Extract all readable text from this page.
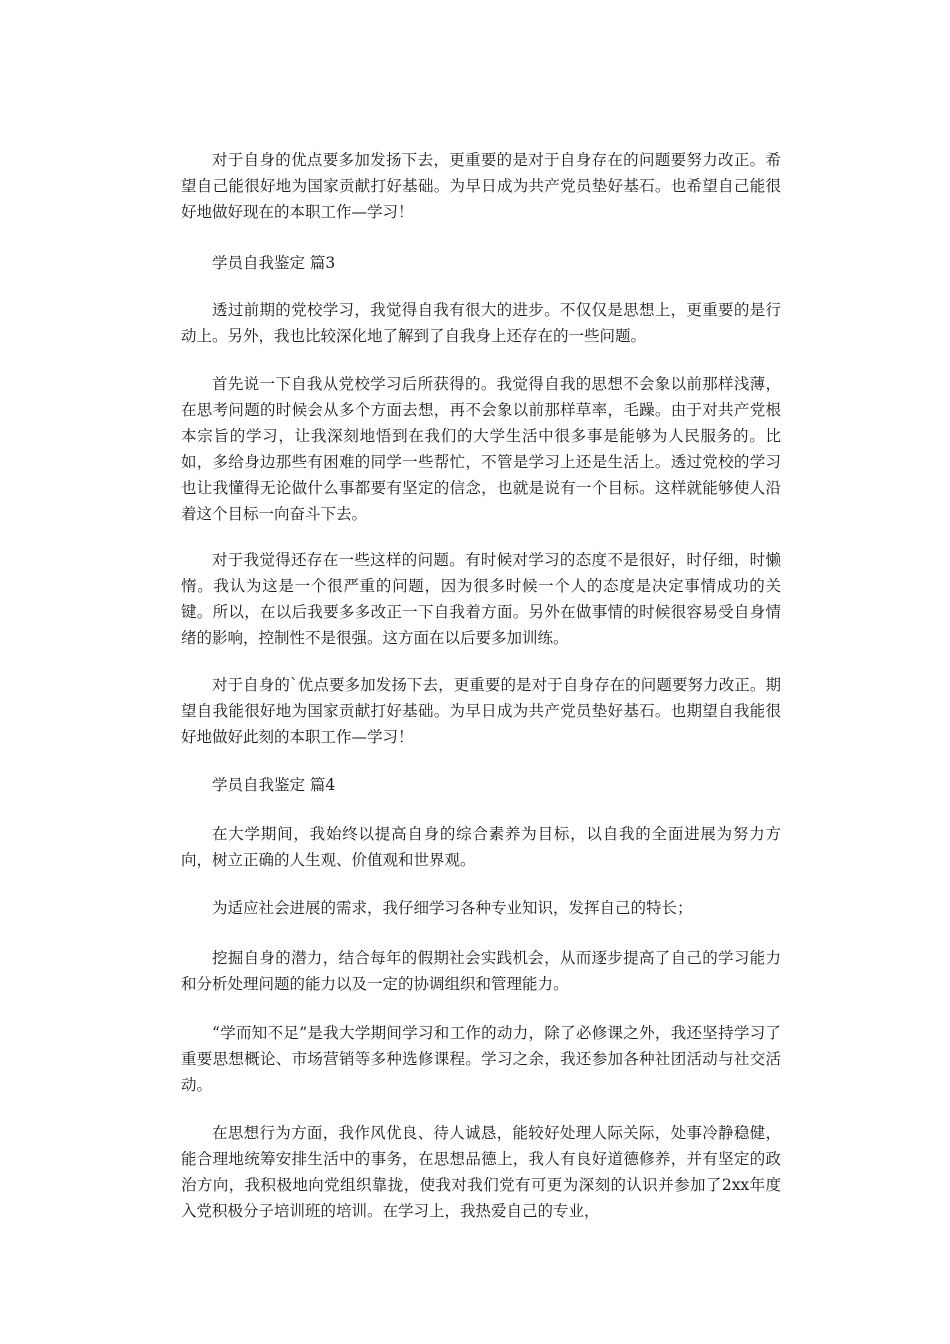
对于自身的优点要多加发扬下去，更重要的是对于自身存在的问题要努力改正。希望自己能很好地为国家贡献打好基础。为早日成为共产党员垫好基石。也希望自己能很好地做好现在的本职工作—学习！

学员自我鉴定 篇3

透过前期的党校学习，我觉得自我有很大的进步。不仅仅是思想上，更重要的是行动上。另外，我也比较深化地了解到了自我身上还存在的一些问题。

首先说一下自我从党校学习后所获得的。我觉得自我的思想不会象以前那样浅薄，在思考问题的时候会从多个方面去想，再不会象以前那样草率，毛躁。由于对共产党根本宗旨的学习，让我深刻地悟到在我们的大学生活中很多事是能够为人民服务的。比如，多给身边那些有困难的同学一些帮忙，不管是学习上还是生活上。透过党校的学习也让我懂得无论做什么事都要有坚定的信念，也就是说有一个目标。这样就能够使人沿着这个目标一向奋斗下去。

对于我觉得还存在一些这样的问题。有时候对学习的态度不是很好，时仔细，时懒惰。我认为这是一个很严重的问题，因为很多时候一个人的态度是决定事情成功的关键。所以，在以后我要多多改正一下自我着方面。另外在做事情的时候很容易受自身情绪的影响，控制性不是很强。这方面在以后要多加训练。

对于自身的`优点要多加发扬下去，更重要的是对于自身存在的问题要努力改正。期望自我能很好地为国家贡献打好基础。为早日成为共产党员垫好基石。也期望自我能很好地做好此刻的本职工作—学习！

学员自我鉴定 篇4

在大学期间，我始终以提高自身的综合素养为目标，以自我的全面进展为努力方向，树立正确的人生观、价值观和世界观。

为适应社会进展的需求，我仔细学习各种专业知识，发挥自己的特长；

挖掘自身的潜力，结合每年的假期社会实践机会，从而逐步提高了自己的学习能力和分析处理问题的能力以及一定的协调组织和管理能力。

“学而知不足”是我大学期间学习和工作的动力，除了必修课之外，我还坚持学习了重要思想概论、市场营销等多种选修课程。学习之余，我还参加各种社团活动与社交活动。

在思想行为方面，我作风优良、待人诚恳，能较好处理人际关际，处事冷静稳健，能合理地统筹安排生活中的事务，在思想品德上，我人有良好道德修养，并有坚定的政治方向，我积极地向党组织靠拢，使我对我们党有可更为深刻的认识并参加了2xx年度入党积极分子培训班的培训。在学习上，我热爱自己的专业，
